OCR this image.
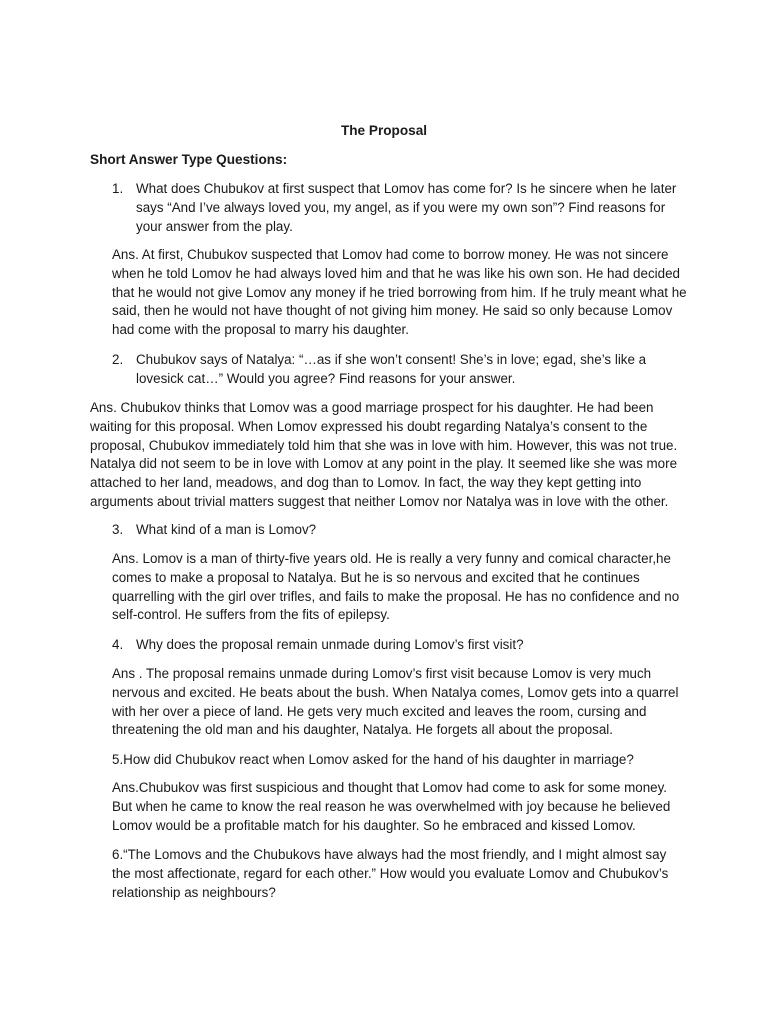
The Proposal
Short Answer Type Questions:
1. What does Chubukov at first suspect that Lomov has come for? Is he sincere when he later says “And I’ve always loved you, my angel, as if you were my own son”? Find reasons for your answer from the play.
Ans. At first, Chubukov suspected that Lomov had come to borrow money. He was not sincere when he told Lomov he had always loved him and that he was like his own son. He had decided that he would not give Lomov any money if he tried borrowing from him. If he truly meant what he said, then he would not have thought of not giving him money. He said so only because Lomov had come with the proposal to marry his daughter.
2. Chubukov says of Natalya: “…as if she won’t consent! She’s in love; egad, she’s like a lovesick cat…” Would you agree? Find reasons for your answer.
Ans. Chubukov thinks that Lomov was a good marriage prospect for his daughter. He had been waiting for this proposal. When Lomov expressed his doubt regarding Natalya’s consent to the proposal, Chubukov immediately told him that she was in love with him. However, this was not true. Natalya did not seem to be in love with Lomov at any point in the play. It seemed like she was more attached to her land, meadows, and dog than to Lomov. In fact, the way they kept getting into arguments about trivial matters suggest that neither Lomov nor Natalya was in love with the other.
3. What kind of a man is Lomov?
Ans. Lomov is a man of thirty-five years old. He is really a very funny and comical character,he comes to make a proposal to Natalya. But he is so nervous and excited that he continues quarrelling with the girl over trifles, and fails to make the proposal. He has no confidence and no self-control. He suffers from the fits of epilepsy.
4. Why does the proposal remain unmade during Lomov’s first visit?
Ans . The proposal remains unmade during Lomov’s first visit because Lomov is very much nervous and excited. He beats about the bush. When Natalya comes, Lomov gets into a quarrel with her over a piece of land. He gets very much excited and leaves the room, cursing and threatening the old man and his daughter, Natalya. He forgets all about the proposal.
5.How did Chubukov react when Lomov asked for the hand of his daughter in marriage?
Ans.Chubukov was first suspicious and thought that Lomov had come to ask for some money. But when he came to know the real reason he was overwhelmed with joy because he believed Lomov would be a profitable match for his daughter. So he embraced and kissed Lomov.
6.“The Lomovs and the Chubukovs have always had the most friendly, and I might almost say the most affectionate, regard for each other.” How would you evaluate Lomov and Chubukov’s relationship as neighbours?
